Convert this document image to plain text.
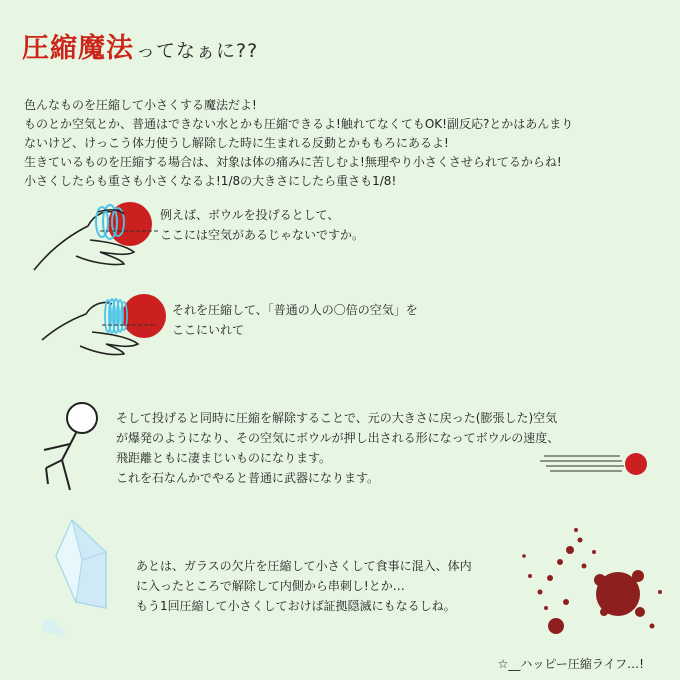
圧縮魔法 ってなぁに??
色んなものを圧縮して小さくする魔法だよ!
ものとか空気とか、普通はできない水とかも圧縮できるよ!触れてなくてもOK!副反応?とかはあんまり
ないけど、けっこう体力使うし解除した時に生まれる反動とかももろにあるよ!
生きているものを圧縮する場合は、対象は体の痛みに苦しむよ!無理やり小さくさせられてるからね!
小さくしたらも重さも小さくなるよ!1/8の大きさにしたら重さも1/8!
例えば、ボウルを投げるとして、
ここには空気があるじゃないですか。
それを圧縮して、「普通の人の〇倍の空気」を
ここにいれて
そして投げると同時に圧縮を解除することで、元の大きさに戻った(膨張した)空気
が爆発のようになり、その空気にボウルが押し出される形になってボウルの速度、
飛距離ともに凄まじいものになります。
これを石なんかでやると普通に武器になります。
あとは、ガラスの欠片を圧縮して小さくして食事に混入、体内
に入ったところで解除して内側から串刺し!とか…
もう1回圧縮して小さくしておけば証拠隠滅にもなるしね。
☆__ハッピー圧縮ライフ…!
